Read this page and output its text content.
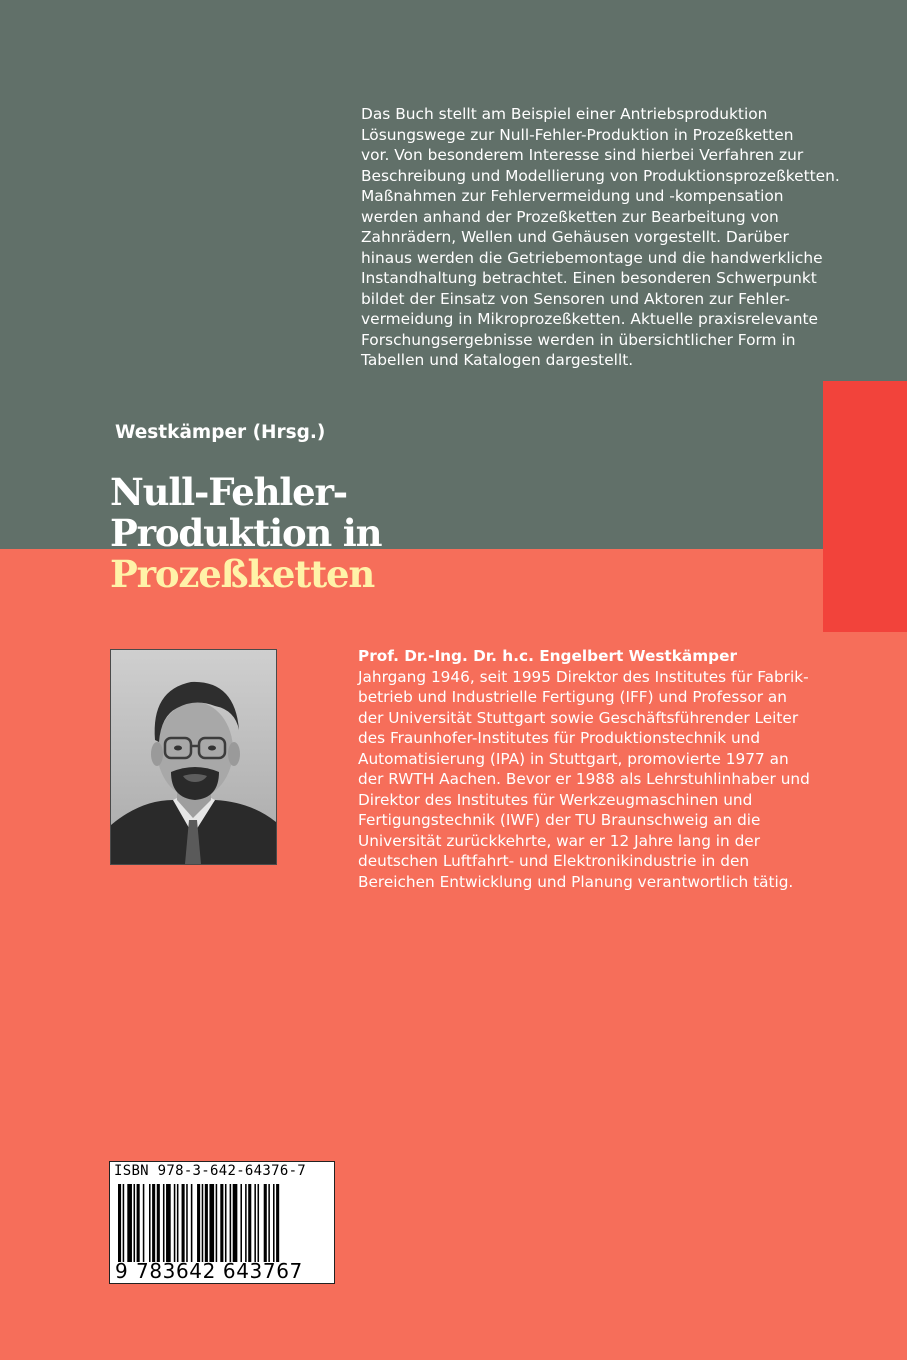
Das Buch stellt am Beispiel einer Antriebsproduktion
Lösungswege zur Null-Fehler-Produktion in Prozeßketten
vor. Von besonderem Interesse sind hierbei Verfahren zur
Beschreibung und Modellierung von Produktionsprozeßketten.
Maßnahmen zur Fehlervermeidung und -kompensation
werden anhand der Prozeßketten zur Bearbeitung von
Zahnrädern, Wellen und Gehäusen vorgestellt. Darüber
hinaus werden die Getriebemontage und die handwerkliche
Instandhaltung betrachtet. Einen besonderen Schwerpunkt
bildet der Einsatz von Sensoren und Aktoren zur Fehler-
vermeidung in Mikroprozeßketten. Aktuelle praxisrelevante
Forschungsergebnisse werden in übersichtlicher Form in
Tabellen und Katalogen dargestellt.
Westkämper (Hrsg.)
Null-Fehler-
Produktion in
Prozeßketten
Prof. Dr.-Ing. Dr. h.c. Engelbert Westkämper
Jahrgang 1946, seit 1995 Direktor des Institutes für Fabrik-
betrieb und Industrielle Fertigung (IFF) und Professor an
der Universität Stuttgart sowie Geschäftsführender Leiter
des Fraunhofer-Institutes für Produktionstechnik und
Automatisierung (IPA) in Stuttgart, promovierte 1977 an
der RWTH Aachen. Bevor er 1988 als Lehrstuhlinhaber und
Direktor des Institutes für Werkzeugmaschinen und
Fertigungstechnik (IWF) der TU Braunschweig an die
Universität zurückkehrte, war er 12 Jahre lang in der
deutschen Luftfahrt- und Elektronikindustrie in den
Bereichen Entwicklung und Planung verantwortlich tätig.
ISBN 978-3-642-64376-7
9 783642 643767
